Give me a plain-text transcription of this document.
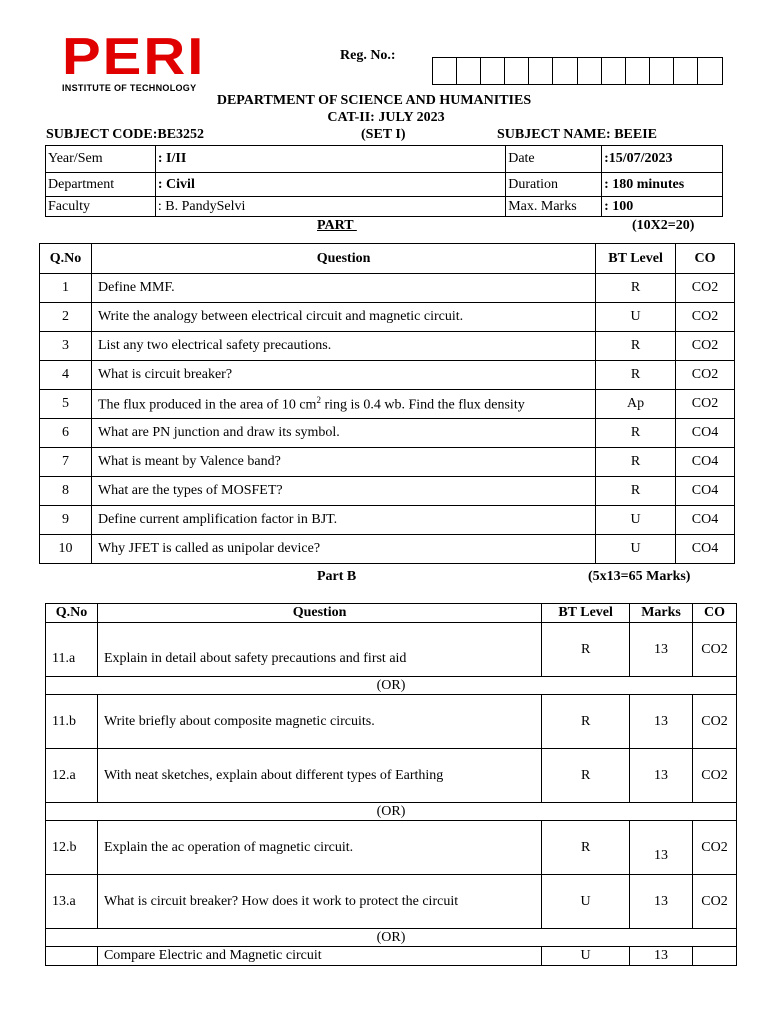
PERI
INSTITUTE OF TECHNOLOGY
Reg. No.:
DEPARTMENT OF SCIENCE AND HUMANITIES
CAT-II: JULY 2023
SUBJECT CODE:BE3252	(SET I)	SUBJECT NAME: BEEIE
Year/Sem	: I/II	Date	:15/07/2023
Department	: Civil	Duration	: 180 minutes
Faculty	: B. PandySelvi	Max. Marks	: 100
PART	(10X2=20)
Q.No	Question	BT Level	CO
1	Define MMF.	R	CO2
2	Write the analogy between electrical circuit and magnetic circuit.	U	CO2
3	List any two electrical safety precautions.	R	CO2
4	What is circuit breaker?	R	CO2
5	The flux produced in the area of 10 $cm^2$ ring is 0.4 wb. Find the flux density	Ap	CO2
6	What are PN junction and draw its symbol.	R	CO4
7	What is meant by Valence band?	R	CO4
8	What are the types of MOSFET?	R	CO4
9	Define current amplification factor in BJT.	U	CO4
10	Why JFET is called as unipolar device?	U	CO4
Part B	(5x13=65 Marks)
Q.No	Question	BT Level	Marks	CO
11.a	Explain in detail about safety precautions and first aid	R	13	CO2
(OR)				
11.b	Write briefly about composite magnetic circuits.	R	13	CO2
12.a	With neat sketches, explain about different types of Earthing	R	13	CO2
(OR)				
12.b	Explain the ac operation of magnetic circuit.	R	13	CO2
13.a	What is circuit breaker? How does it work to protect the circuit	U	13	CO2
(OR)				
	Compare Electric and Magnetic circuit	U	13	
